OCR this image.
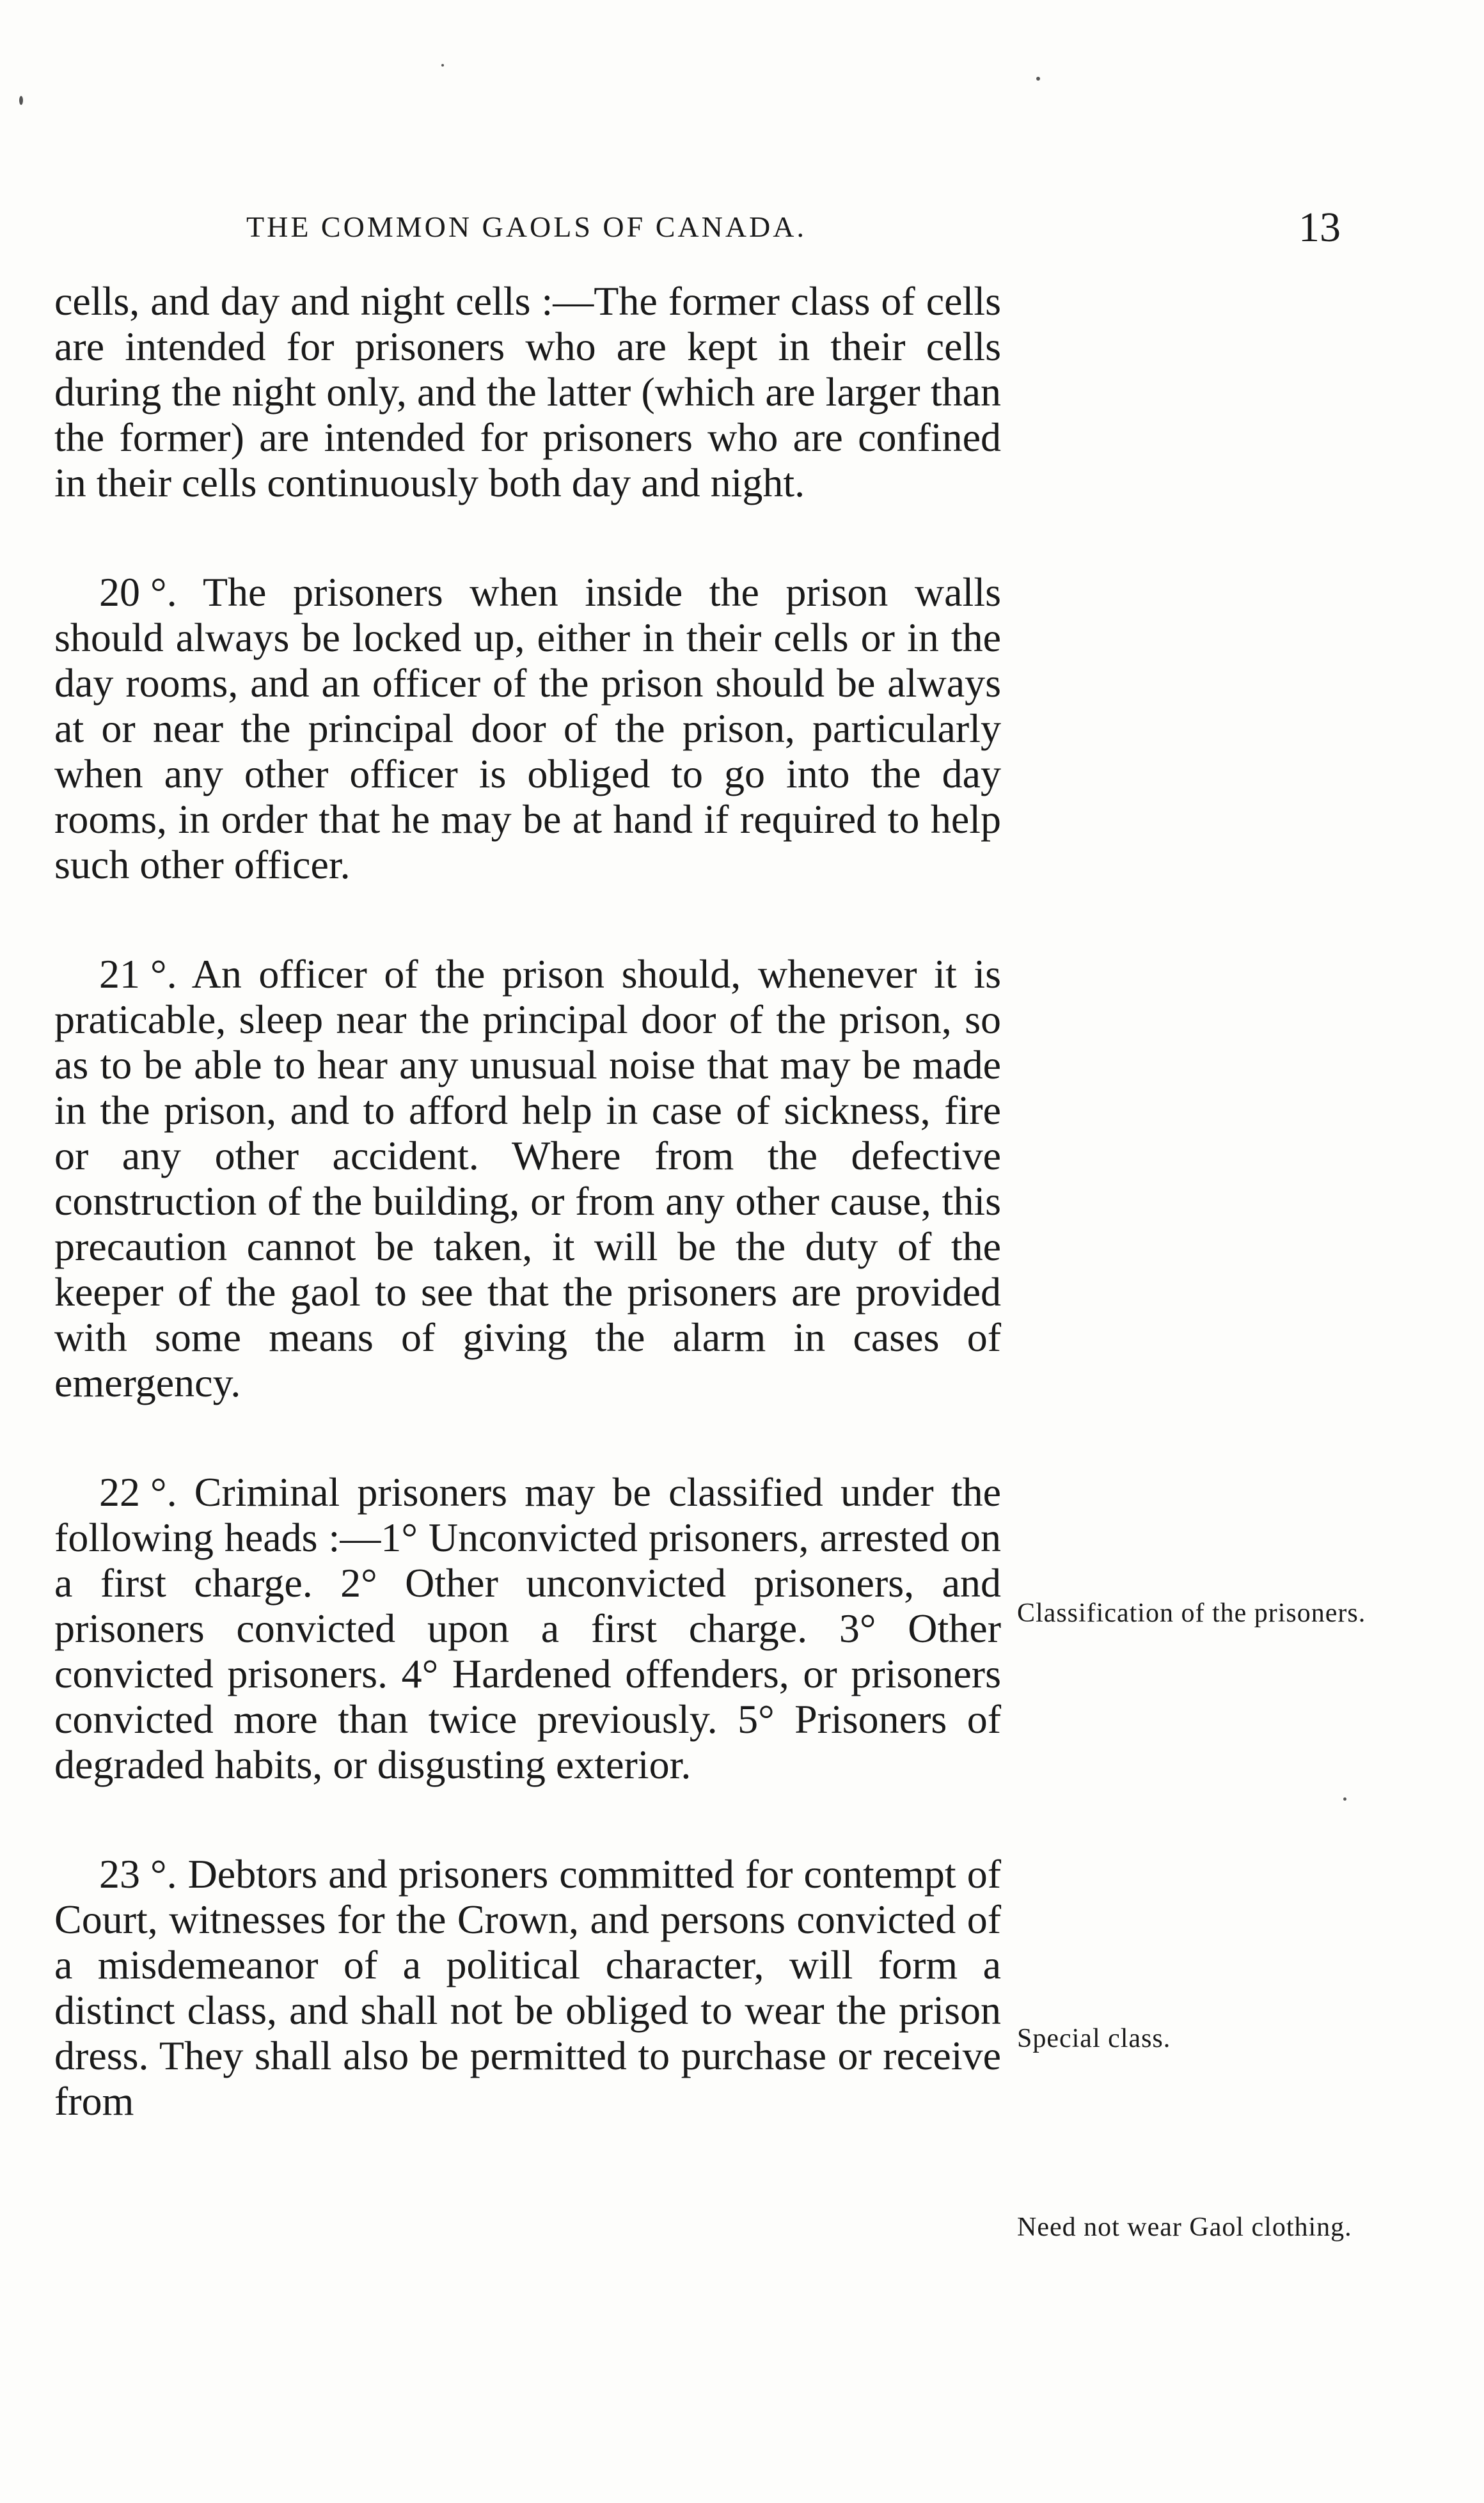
THE COMMON GAOLS OF CANADA.	13

cells, and day and night cells :—The former class of cells are intended for prisoners who are kept in their cells during the night only, and the latter (which are larger than the former) are intended for prisoners who are confined in their cells continuously both day and night.

20 °. The prisoners when inside the prison walls should always be locked up, either in their cells or in the day rooms, and an officer of the prison should be always at or near the principal door of the prison, particularly when any other officer is obliged to go into the day rooms, in order that he may be at hand if required to help such other officer.

21 °. An officer of the prison should, whenever it is praticable, sleep near the principal door of the prison, so as to be able to hear any unusual noise that may be made in the prison, and to afford help in case of sickness, fire or any other accident. Where from the defective construction of the building, or from any other cause, this precaution cannot be taken, it will be the duty of the keeper of the gaol to see that the prisoners are provided with some means of giving the alarm in cases of emergency.

22 °. Criminal prisoners may be classified under the following heads :—1° Unconvicted prisoners, arrested on a first charge. 2° Other unconvicted prisoners, and prisoners convicted upon a first charge. 3° Other convicted prisoners. 4° Hardened offenders, or prisoners convicted more than twice previously. 5° Prisoners of degraded habits, or disgusting exterior.

23 °. Debtors and prisoners committed for contempt of Court, witnesses for the Crown, and persons convicted of a misdemeanor of a political character, will form a distinct class, and shall not be obliged to wear the prison dress. They shall also be permitted to purchase or receive from

Classification of the prisoners.
Special class.
Need not wear Gaol clothing.
